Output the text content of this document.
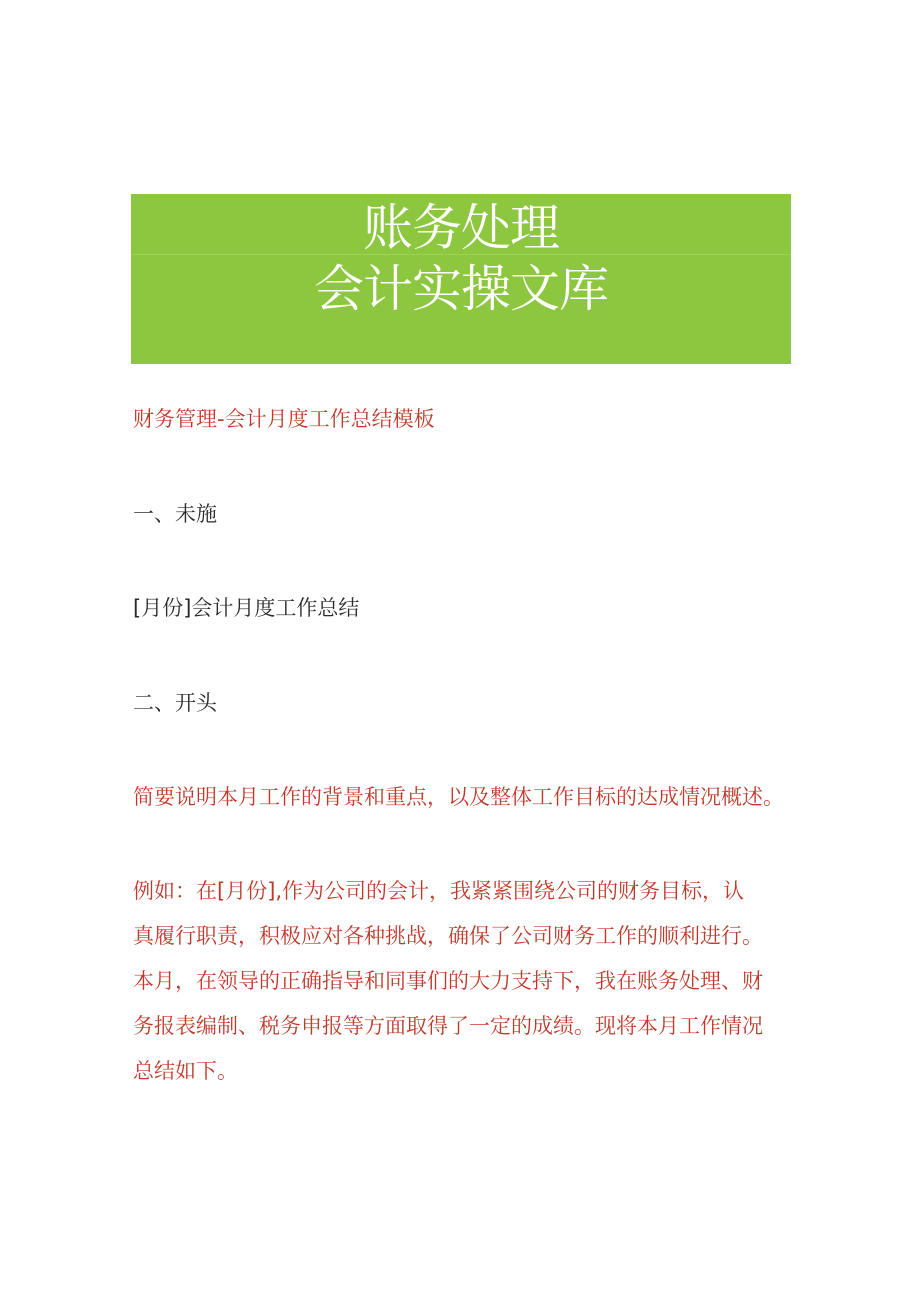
账务处理
会计实操文库
财务管理-会计月度工作总结模板
一、未施
[月份]会计月度工作总结
二、开头
简要说明本月工作的背景和重点，以及整体工作目标的达成情况概述。
例如：在[月份],作为公司的会计，我紧紧围绕公司的财务目标，认
真履行职责，积极应对各种挑战，确保了公司财务工作的顺利进行。
本月，在领导的正确指导和同事们的大力支持下，我在账务处理、财
务报表编制、税务申报等方面取得了一定的成绩。现将本月工作情况
总结如下。
